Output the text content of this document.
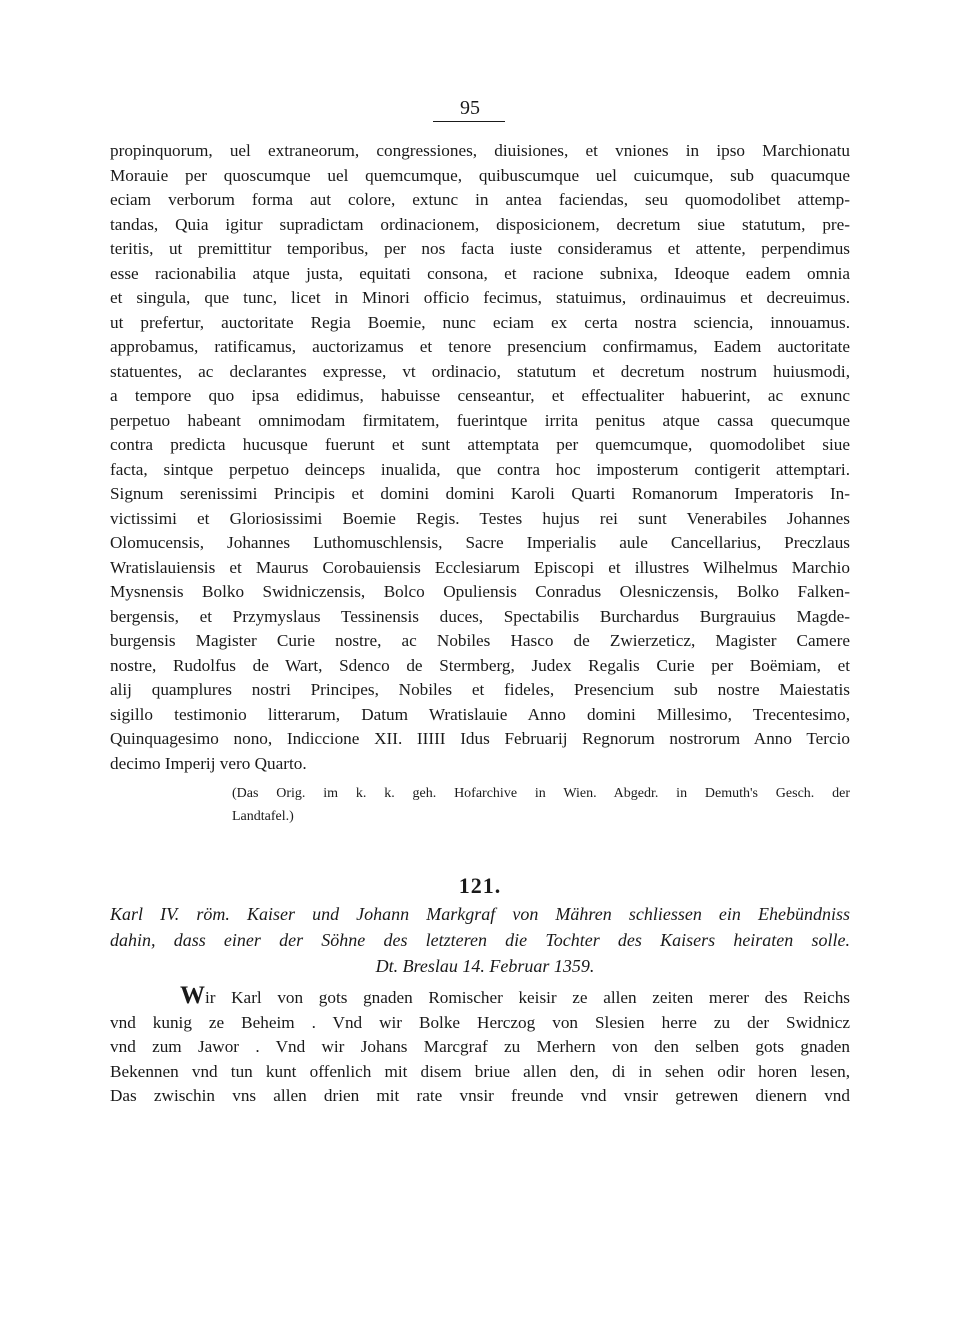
95
propinquorum, uel extraneorum, congressiones, diuisiones, et vniones in ipso Marchionatu
Morauie per quoscumque uel quemcumque, quibuscumque uel cuicumque, sub quacumque
eciam verborum forma aut colore, extunc in antea faciendas, seu quomodolibet attemp-
tandas, Quia igitur supradictam ordinacionem, disposicionem, decretum siue statutum, pre-
teritis, ut premittitur temporibus, per nos facta iuste consideramus et attente, perpendimus
esse racionabilia atque justa, equitati consona, et racione subnixa, Ideoque eadem omnia
et singula, que tunc, licet in Minori officio fecimus, statuimus, ordinauimus et decreuimus.
ut prefertur, auctoritate Regia Boemie, nunc eciam ex certa nostra sciencia, innouamus.
approbamus, ratificamus, auctorizamus et tenore presencium confirmamus, Eadem auctoritate
statuentes, ac declarantes expresse, vt ordinacio, statutum et decretum nostrum huiusmodi,
a tempore quo ipsa edidimus, habuisse censeantur, et effectualiter habuerint, ac exnunc
perpetuo habeant omnimodam firmitatem, fuerintque irrita penitus atque cassa quecumque
contra predicta hucusque fuerunt et sunt attemptata per quemcumque, quomodolibet siue
facta, sintque perpetuo deinceps inualida, que contra hoc imposterum contigerit attemptari.
Signum serenissimi Principis et domini domini Karoli Quarti Romanorum Imperatoris In-
victissimi et Gloriosissimi Boemie Regis. Testes hujus rei sunt Venerabiles Johannes
Olomucensis, Johannes Luthomuschlensis, Sacre Imperialis aule Cancellarius, Preczlaus
Wratislauiensis et Maurus Corobauiensis Ecclesiarum Episcopi et illustres Wilhelmus Marchio
Mysnensis Bolko Swidniczensis, Bolco Opuliensis Conradus Olesniczensis, Bolko Falken-
bergensis, et Przymyslaus Tessinensis duces, Spectabilis Burchardus Burgrauius Magde-
burgensis Magister Curie nostre, ac Nobiles Hasco de Zwierzeticz, Magister Camere
nostre, Rudolfus de Wart, Sdenco de Stermberg, Judex Regalis Curie per Boëmiam, et
alij quamplures nostri Principes, Nobiles et fideles, Presencium sub nostre Maiestatis
sigillo testimonio litterarum, Datum Wratislauie Anno domini Millesimo, Trecentesimo,
Quinquagesimo nono, Indiccione XII. IIIII Idus Februarij Regnorum nostrorum Anno Tercio
decimo Imperij vero Quarto.
(Das Orig. im k. k. geh. Hofarchive in Wien. Abgedr. in Demuth's Gesch. der
Landtafel.)
121.
Karl IV. röm. Kaiser und Johann Markgraf von Mähren schliessen ein Ehebündniss
dahin, dass einer der Söhne des letzteren die Tochter des Kaisers heiraten solle.
Dt. Breslau 14. Februar 1359.
Wir Karl von gots gnaden Romischer keisir ze allen zeiten merer des Reichs
vnd kunig ze Beheim . Vnd wir Bolke Herczog von Slesien herre zu der Swidnicz
vnd zum Jawor . Vnd wir Johans Marcgraf zu Merhern von den selben gots gnaden
Bekennen vnd tun kunt offenlich mit disem briue allen den, di in sehen odir horen lesen,
Das zwischin vns allen drien mit rate vnsir freunde vnd vnsir getrewen dienern vnd
